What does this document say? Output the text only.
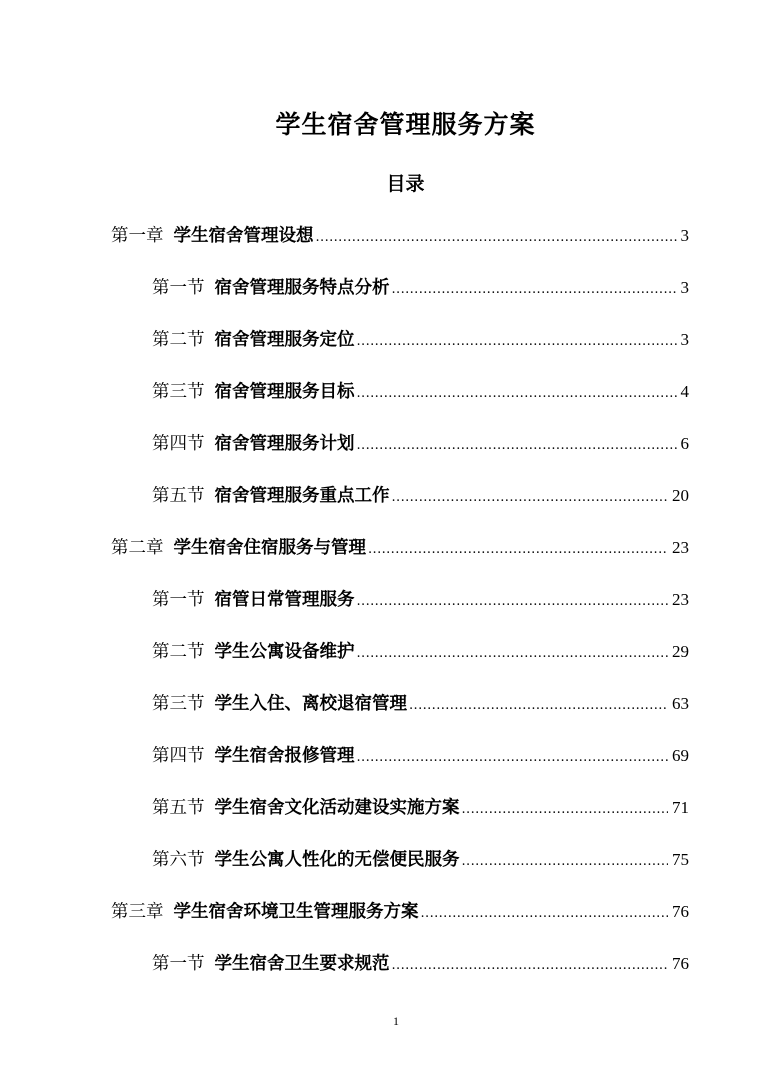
学生宿舍管理服务方案
目录
第一章 学生宿舍管理设想 .....	3
第一节 宿舍管理服务特点分析 .....	3
第二节 宿舍管理服务定位 .....	3
第三节 宿舍管理服务目标 .....	4
第四节 宿舍管理服务计划 .....	6
第五节 宿舍管理服务重点工作 .....	20
第二章 学生宿舍住宿服务与管理 .....	23
第一节 宿管日常管理服务 .....	23
第二节 学生公寓设备维护 .....	29
第三节 学生入住、离校退宿管理 .....	63
第四节 学生宿舍报修管理 .....	69
第五节 学生宿舍文化活动建设实施方案 .....	71
第六节 学生公寓人性化的无偿便民服务 .....	75
第三章 学生宿舍环境卫生管理服务方案 .....	76
第一节 学生宿舍卫生要求规范 .....	76
1
